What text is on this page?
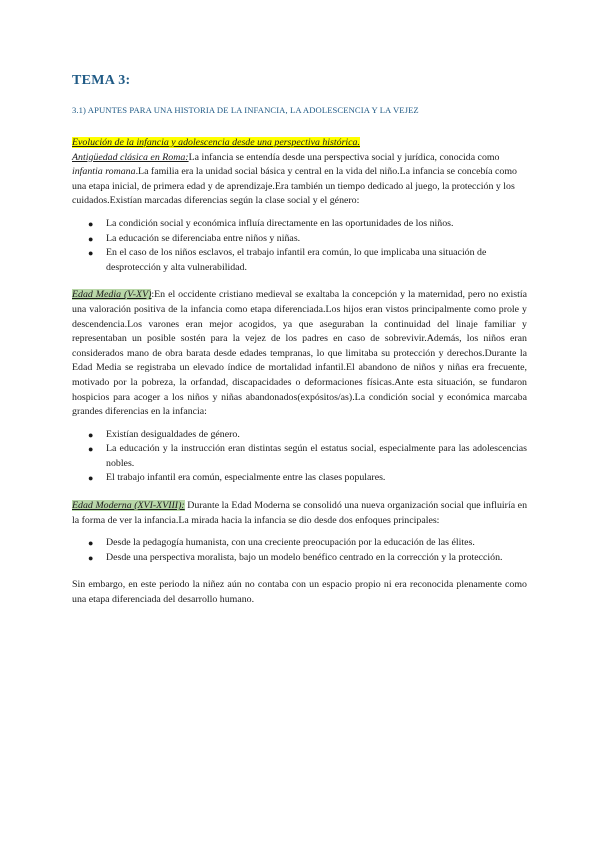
TEMA 3:
3.1) APUNTES PARA UNA HISTORIA DE LA INFANCIA, LA ADOLESCENCIA Y LA VEJEZ
Evolución de la infancia y adolescencia desde una perspectiva histórica.

Antigüedad clásica en Roma:La infancia se entendía desde una perspectiva social y jurídica, conocida como infantia romana.La familia era la unidad social básica y central en la vida del niño.La infancia se concebía como una etapa inicial, de primera edad y de aprendizaje.Era también un tiempo dedicado al juego, la protección y los cuidados.Existían marcadas diferencias según la clase social y el género:

● La condición social y económica influía directamente en las oportunidades de los niños.
● La educación se diferenciaba entre niños y niñas.
● En el caso de los niños esclavos, el trabajo infantil era común, lo que implicaba una situación de desprotección y alta vulnerabilidad.

Edad Media (V-XV):En el occidente cristiano medieval se exaltaba la concepción y la maternidad, pero no existía una valoración positiva de la infancia como etapa diferenciada.Los hijos eran vistos principalmente como prole y descendencia.Los varones eran mejor acogidos, ya que aseguraban la continuidad del linaje familiar y representaban un posible sostén para la vejez de los padres en caso de sobrevivir.Además, los niños eran considerados mano de obra barata desde edades tempranas, lo que limitaba su protección y derechos.Durante la Edad Media se registraba un elevado índice de mortalidad infantil.El abandono de niños y niñas era frecuente, motivado por la pobreza, la orfandad, discapacidades o deformaciones físicas.Ante esta situación, se fundaron hospicios para acoger a los niños y niñas abandonados(expósitos/as).La condición social y económica marcaba grandes diferencias en la infancia:

● Existían desigualdades de género.
● La educación y la instrucción eran distintas según el estatus social, especialmente para las adolescencias nobles.
● El trabajo infantil era común, especialmente entre las clases populares.

Edad Moderna (XVI-XVIII): Durante la Edad Moderna se consolidó una nueva organización social que influiría en la forma de ver la infancia.La mirada hacia la infancia se dio desde dos enfoques principales:

● Desde la pedagogía humanista, con una creciente preocupación por la educación de las élites.
● Desde una perspectiva moralista, bajo un modelo benéfico centrado en la corrección y la protección.

Sin embargo, en este periodo la niñez aún no contaba con un espacio propio ni era reconocida plenamente como una etapa diferenciada del desarrollo humano.
